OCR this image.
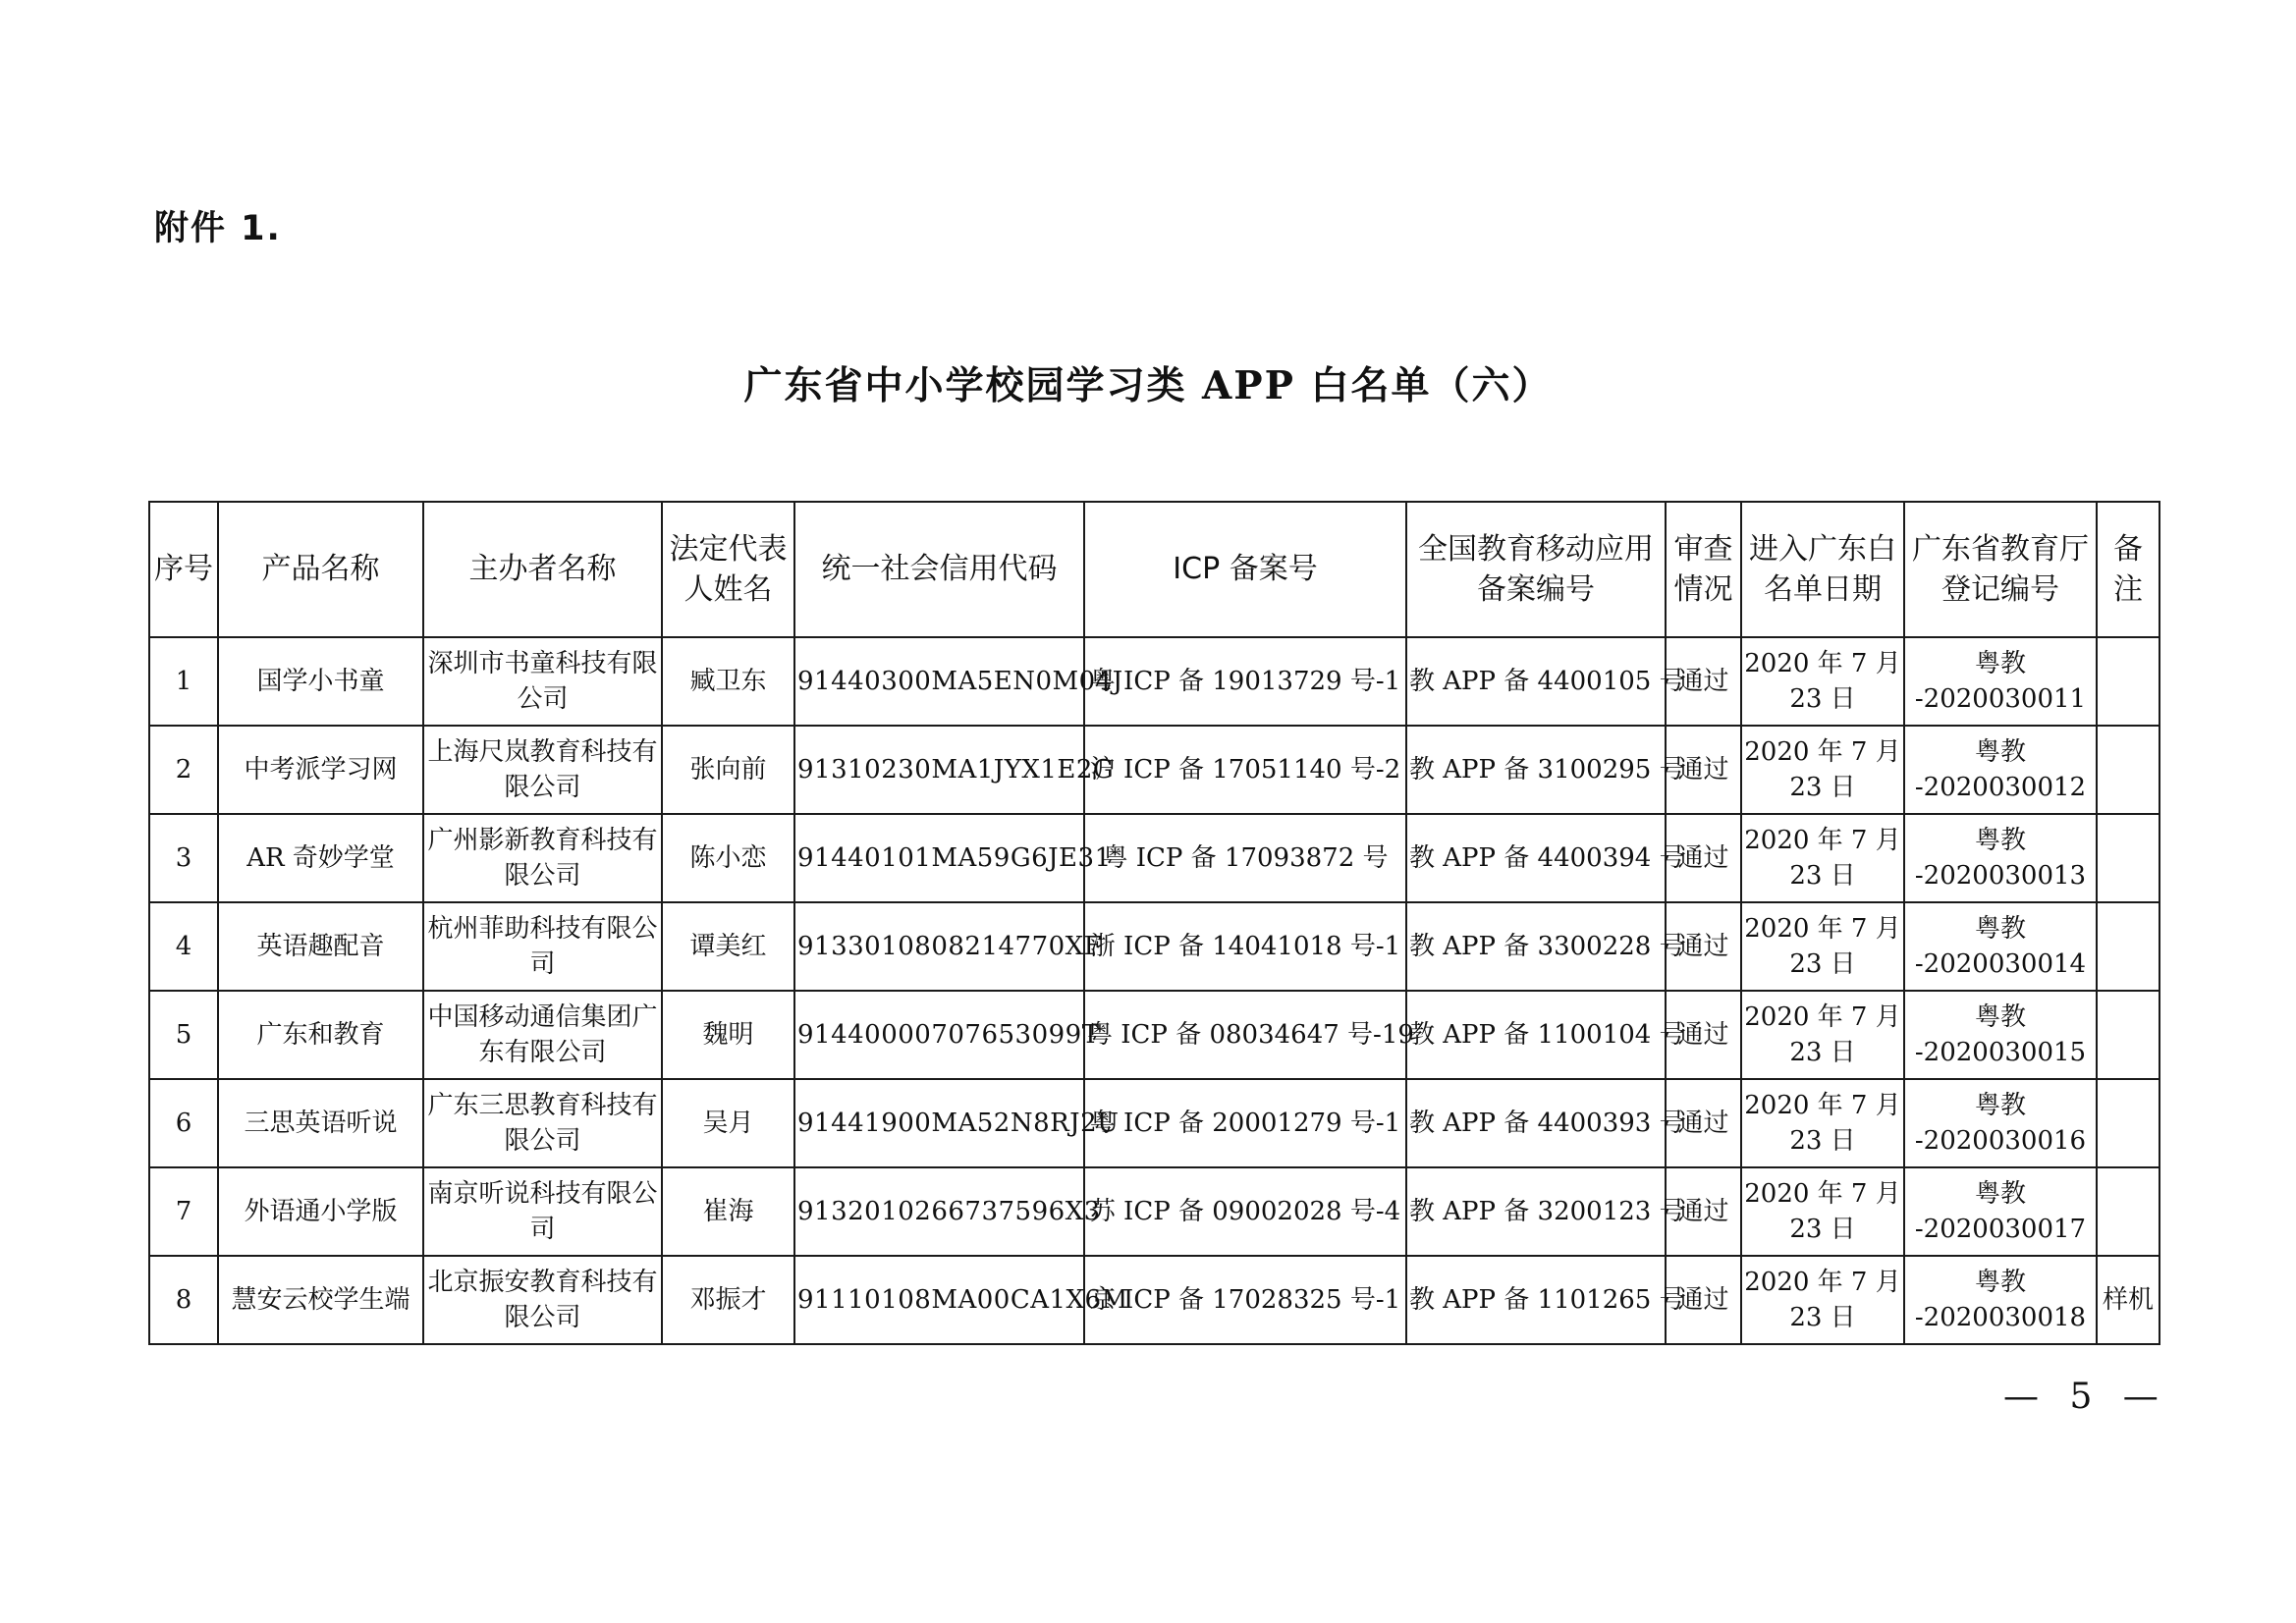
附件 1.
广东省中小学校园学习类 APP 白名单（六）
序号	产品名称	主办者名称	法定代表人姓名	统一社会信用代码	ICP 备案号	全国教育移动应用备案编号	审查情况	进入广东白名单日期	广东省教育厅登记编号	备注
1	国学小书童	深圳市书童科技有限公司	臧卫东	91440300MA5EN0M04J	粤 ICP 备 19013729 号-1	教 APP 备 4400105 号	通过	2020 年 7 月 23 日	粤教 -2020030011	
2	中考派学习网	上海尺岚教育科技有限公司	张向前	91310230MA1JYX1E2G	沪 ICP 备 17051140 号-2	教 APP 备 3100295 号	通过	2020 年 7 月 23 日	粤教 -2020030012	
3	AR 奇妙学堂	广州影新教育科技有限公司	陈小恋	91440101MA59G6JE31	粤 ICP 备 17093872 号	教 APP 备 4400394 号	通过	2020 年 7 月 23 日	粤教 -2020030013	
4	英语趣配音	杭州菲助科技有限公司	谭美红	9133010808214770XF	浙 ICP 备 14041018 号-1	教 APP 备 3300228 号	通过	2020 年 7 月 23 日	粤教 -2020030014	
5	广东和教育	中国移动通信集团广东有限公司	魏明	91440000707653099T	粤 ICP 备 08034647 号-19	教 APP 备 1100104 号	通过	2020 年 7 月 23 日	粤教 -2020030015	
6	三思英语听说	广东三思教育科技有限公司	吴月	91441900MA52N8RJ2U	粤 ICP 备 20001279 号-1	教 APP 备 4400393 号	通过	2020 年 7 月 23 日	粤教 -2020030016	
7	外语通小学版	南京听说科技有限公司	崔海	9132010266737596X3	苏 ICP 备 09002028 号-4	教 APP 备 3200123 号	通过	2020 年 7 月 23 日	粤教 -2020030017	
8	慧安云校学生端	北京振安教育科技有限公司	邓振才	91110108MA00CA1X6M	京 ICP 备 17028325 号-1	教 APP 备 1101265 号	通过	2020 年 7 月 23 日	粤教 -2020030018	样机
— 5 —
